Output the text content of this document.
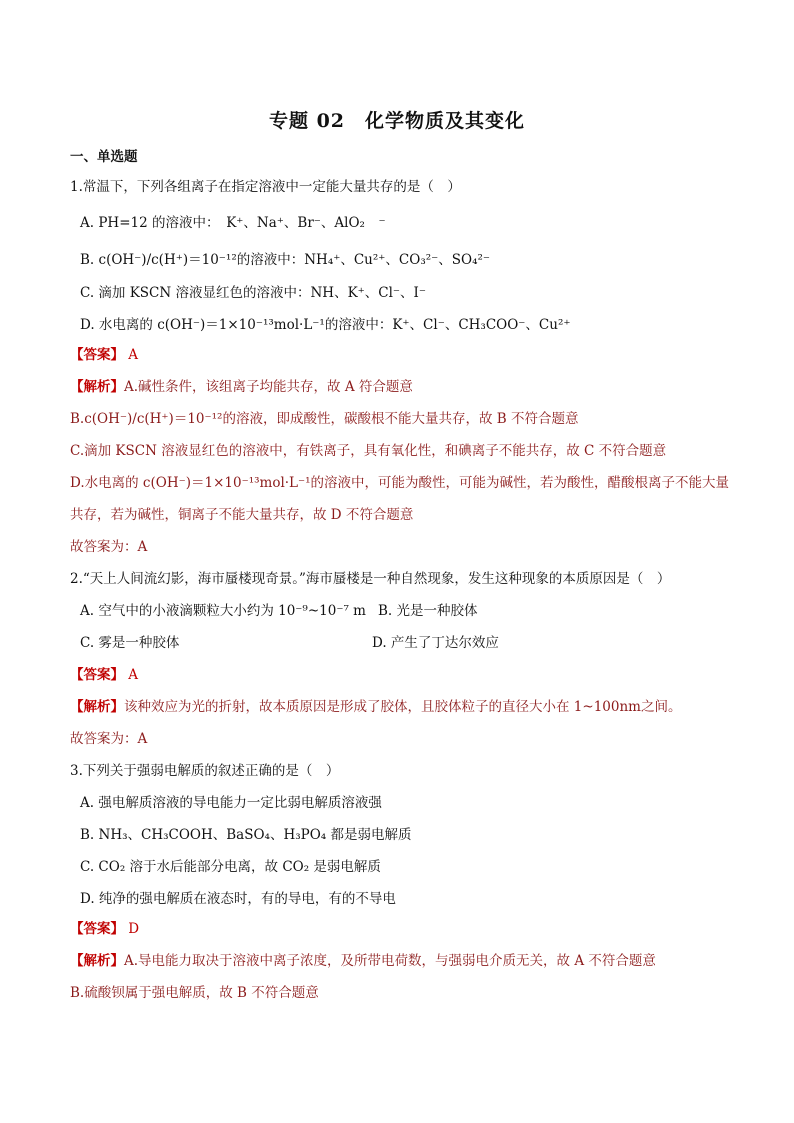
专题 02　化学物质及其变化
一、单选题
1.常温下，下列各组离子在指定溶液中一定能大量共存的是（　）
A. PH=12 的溶液中：　K⁺、Na⁺、Br⁻、AlO₂　⁻
B. c(OH⁻)/c(H⁺)＝10⁻¹²的溶液中：NH₄⁺、Cu²⁺、CO₃²⁻、SO₄²⁻
C. 滴加 KSCN 溶液显红色的溶液中：NH、K⁺、Cl⁻、I⁻
D. 水电离的 c(OH⁻)＝1×10⁻¹³mol·L⁻¹的溶液中：K⁺、Cl⁻、CH₃COO⁻、Cu²⁺
【答案】 A
【解析】A.碱性条件，该组离子均能共存，故 A 符合题意
B.c(OH⁻)/c(H⁺)＝10⁻¹²的溶液，即成酸性，碳酸根不能大量共存，故 B 不符合题意
C.滴加 KSCN 溶液显红色的溶液中，有铁离子，具有氧化性，和碘离子不能共存，故 C 不符合题意
D.水电离的 c(OH⁻)＝1×10⁻¹³mol·L⁻¹的溶液中，可能为酸性，可能为碱性，若为酸性，醋酸根离子不能大量
共存，若为碱性，铜离子不能大量共存，故 D 不符合题意
故答案为：A
2.“天上人间流幻影，海市蜃楼现奇景。”海市蜃楼是一种自然现象，发生这种现象的本质原因是（　）
A. 空气中的小液滴颗粒大小约为 10⁻⁹~10⁻⁷ m B. 光是一种胶体
C. 雾是一种胶体	D. 产生了丁达尔效应
【答案】 A
【解析】该种效应为光的折射，故本质原因是形成了胶体，且胶体粒子的直径大小在 1~100nm之间。
故答案为：A
3.下列关于强弱电解质的叙述正确的是（　）
A. 强电解质溶液的导电能力一定比弱电解质溶液强
B. NH₃、CH₃COOH、BaSO₄、H₃PO₄ 都是弱电解质
C. CO₂ 溶于水后能部分电离，故 CO₂ 是弱电解质
D. 纯净的强电解质在液态时，有的导电，有的不导电
【答案】 D
【解析】A.导电能力取决于溶液中离子浓度，及所带电荷数，与强弱电介质无关，故 A 不符合题意
B.硫酸钡属于强电解质，故 B 不符合题意
